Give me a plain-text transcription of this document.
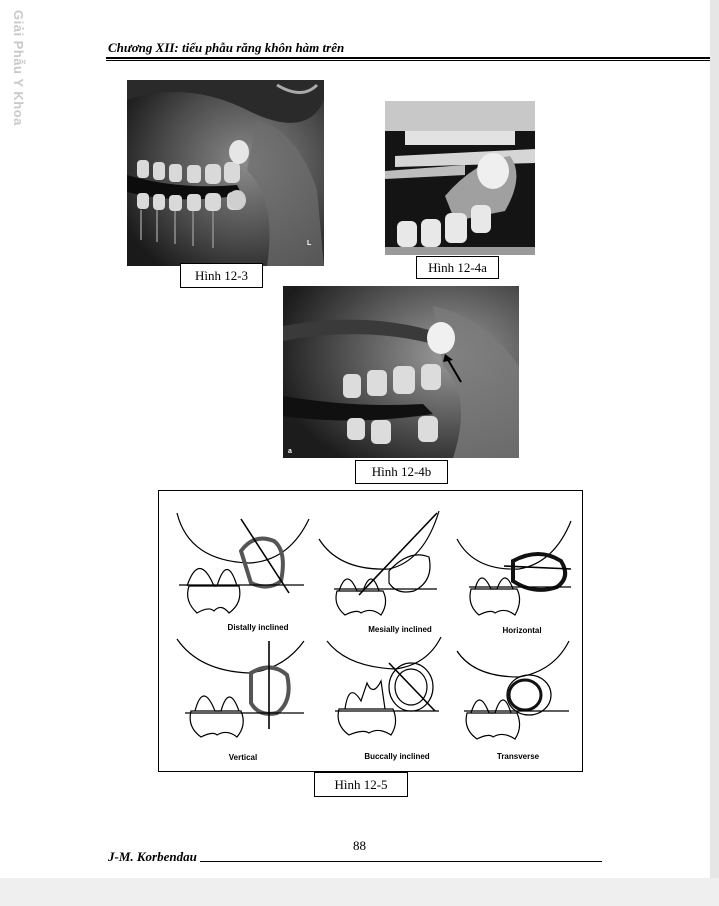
Giải Phẫu Y Khoa	Chương XII: tiểu phẫu răng khôn hàm trên
L
Hình 12-3
Hình 12-4a
a
Hình 12-4b
Distally inclined	Mesially inclined	Horizontal
Vertical	Buccally inclined	Transverse
Hình 12-5
88
J-M. Korbendau
